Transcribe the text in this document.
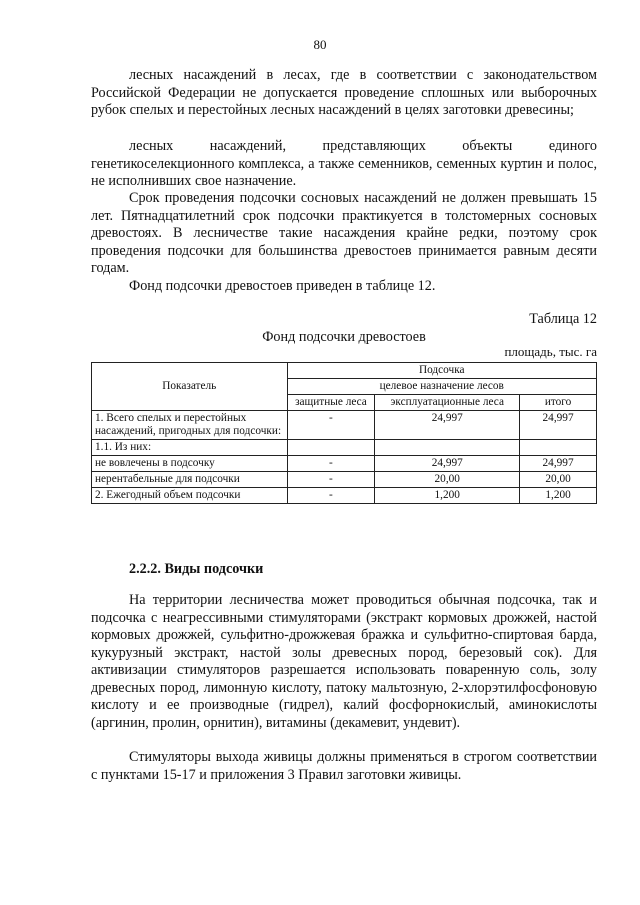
80

лесных насаждений в лесах, где в соответствии с законодательством Российской Федерации не допускается проведение сплошных или выборочных рубок спелых и перестойных лесных насаждений в целях заготовки древесины;

лесных насаждений, представляющих объекты единого генетикоселекционного комплекса, а также семенников, семенных куртин и полос, не исполнивших свое назначение.

Срок проведения подсочки сосновых насаждений не должен превышать 15 лет. Пятнадцатилетний срок подсочки практикуется в толстомерных сосновых древостоях. В лесничестве такие насаждения крайне редки, поэтому срок проведения подсочки для большинства древостоев принимается равным десяти годам.

Фонд подсочки древостоев приведен в таблице 12.

Таблица 12
Фонд подсочки древостоев
площадь, тыс. га
Показатель	Подсочка		
	целевое назначение лесов		
	защитные леса	эксплуатационные леса	итого
1. Всего спелых и перестойных насаждений, пригодных для подсочки:	-	24,997	24,997
1.1. Из них:			
не вовлечены в подсочку	-	24,997	24,997
нерентабельные для подсочки	-	20,00	20,00
2. Ежегодный объем подсочки	-	1,200	1,200
2.2.2. Виды подсочки

На территории лесничества может проводиться обычная подсочка, так и подсочка с неагрессивными стимуляторами (экстракт кормовых дрожжей, настой кормовых дрожжей, сульфитно-дрожжевая бражка и сульфитно-спиртовая барда, кукурузный экстракт, настой золы древесных пород, березовый сок). Для активизации стимуляторов разрешается использовать поваренную соль, золу древесных пород, лимонную кислоту, патоку мальтозную, 2-хлорэтилфосфоновую кислоту и ее производные (гидрел), калий фосфорнокислый, аминокислоты (аргинин, пролин, орнитин), витамины (декамевит, ундевит).

Стимуляторы выхода живицы должны применяться в строгом соответствии с пунктами 15-17 и приложения 3 Правил заготовки живицы.
